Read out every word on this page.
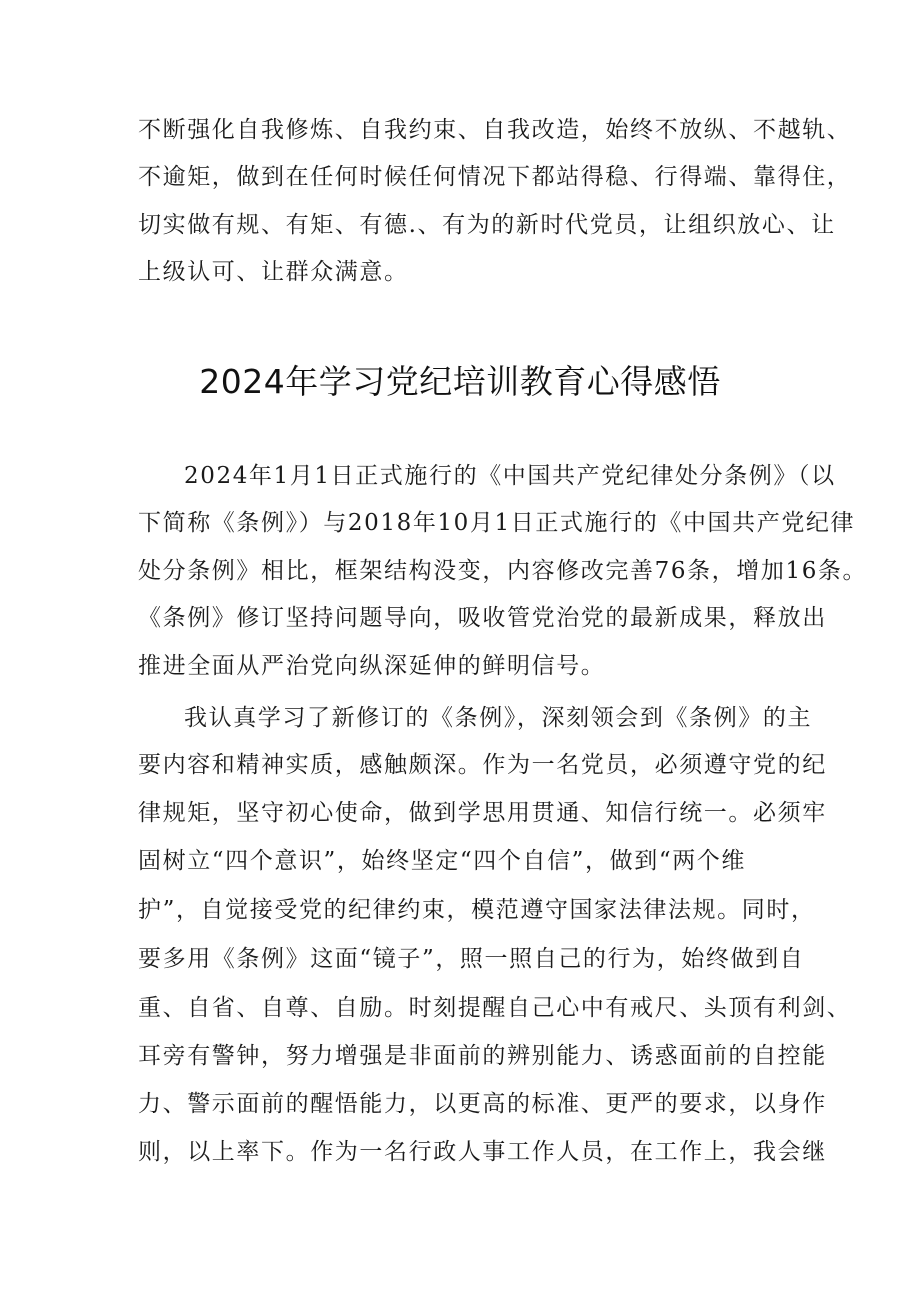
不断强化自我修炼、自我约束、自我改造，始终不放纵、不越轨、
不逾矩，做到在任何时候任何情况下都站得稳、行得端、靠得住，
切实做有规、有矩、有德.、有为的新时代党员，让组织放心、让
上级认可、让群众满意。
2024年学习党纪培训教育心得感悟
2024年1月1日正式施行的《中国共产党纪律处分条例》（以
下简称《条例》）与2018年10月1日正式施行的《中国共产党纪律
处分条例》相比，框架结构没变，内容修改完善76条，增加16条。
《条例》修订坚持问题导向，吸收管党治党的最新成果，释放出
推进全面从严治党向纵深延伸的鲜明信号。
我认真学习了新修订的《条例》，深刻领会到《条例》的主
要内容和精神实质，感触颇深。作为一名党员，必须遵守党的纪
律规矩，坚守初心使命，做到学思用贯通、知信行统一。必须牢
固树立“四个意识”，始终坚定“四个自信”，做到“两个维
护”，自觉接受党的纪律约束，模范遵守国家法律法规。同时，
要多用《条例》这面“镜子”，照一照自己的行为，始终做到自
重、自省、自尊、自励。时刻提醒自己心中有戒尺、头顶有利剑、
耳旁有警钟，努力增强是非面前的辨别能力、诱惑面前的自控能
力、警示面前的醒悟能力，以更高的标准、更严的要求，以身作
则，以上率下。作为一名行政人事工作人员，在工作上，我会继
